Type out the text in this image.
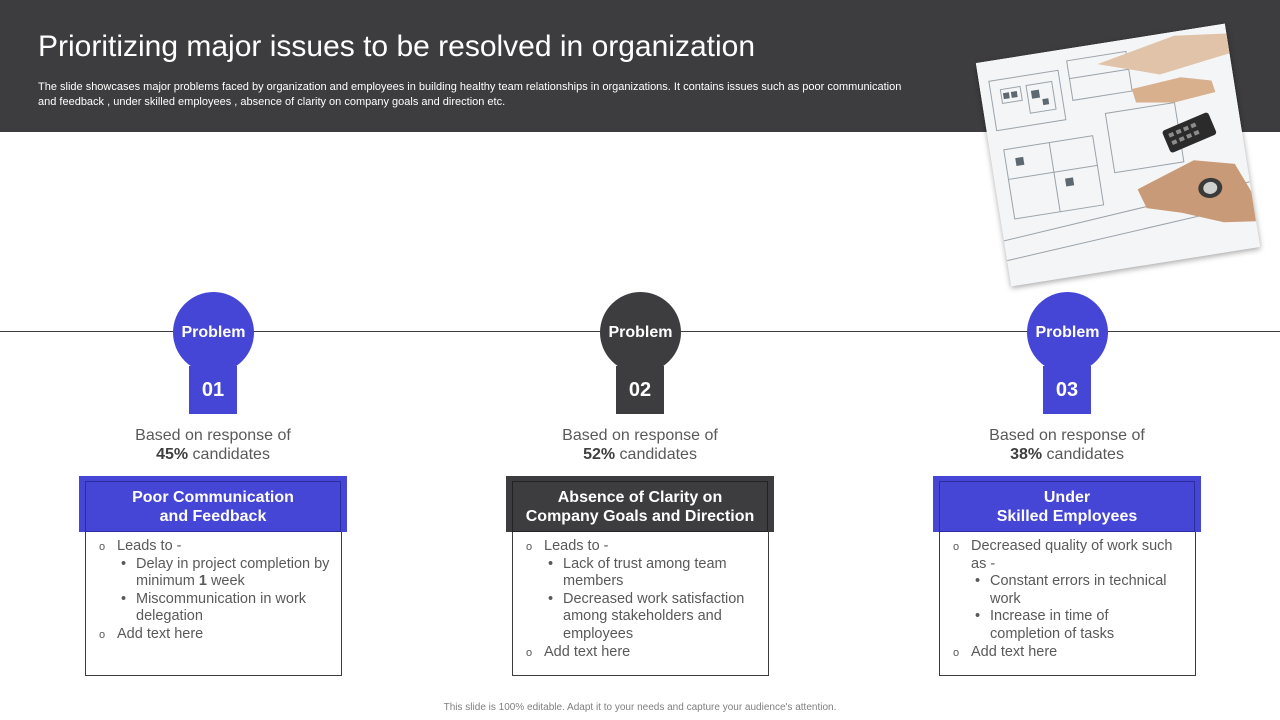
Prioritizing major issues to be resolved in organization

The slide showcases major problems faced by organization and employees in building healthy team relationships in organizations. It contains issues such as poor communication and feedback , under skilled employees , absence of clarity on company goals and direction etc.

Problem
01
Based on response of
45% candidates
Poor Communication
and Feedback
o Leads to -
• Delay in project completion by minimum 1 week
• Miscommunication in work delegation
o Add text here
Problem
02
Based on response of
52% candidates
Absence of Clarity on
Company Goals and Direction
o Leads to -
• Lack of trust among team members
• Decreased work satisfaction among stakeholders and employees
o Add text here
Problem
03
Based on response of
38% candidates
Under
Skilled Employees
o Decreased quality of work such as -
• Constant errors in technical work
• Increase in time of completion of tasks
o Add text here
This slide is 100% editable. Adapt it to your needs and capture your audience's attention.
